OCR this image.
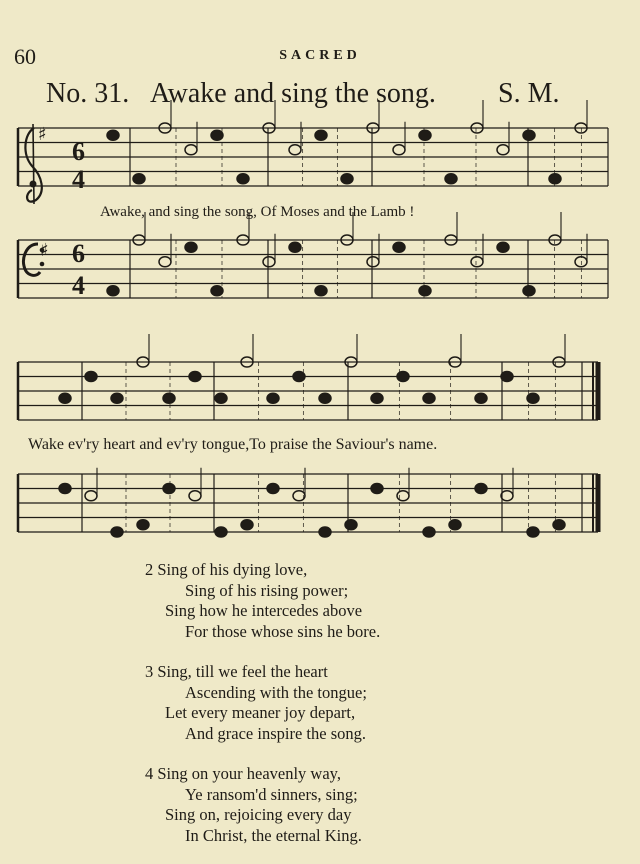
60	SACRED
No. 31. Awake and sing the song. S. M.
♯
♯
6
4
6
4
Awake, and sing the song, Of Moses and the Lamb !
Wake ev'ry heart and ev'ry tongue,To praise the Saviour's name.
2 Sing of his dying love,
Sing of his rising power;
Sing how he intercedes above
For those whose sins he bore.
3 Sing, till we feel the heart
Ascending with the tongue;
Let every meaner joy depart,
And grace inspire the song.
4 Sing on your heavenly way,
Ye ransom'd sinners, sing;
Sing on, rejoicing every day
In Christ, the eternal King.
